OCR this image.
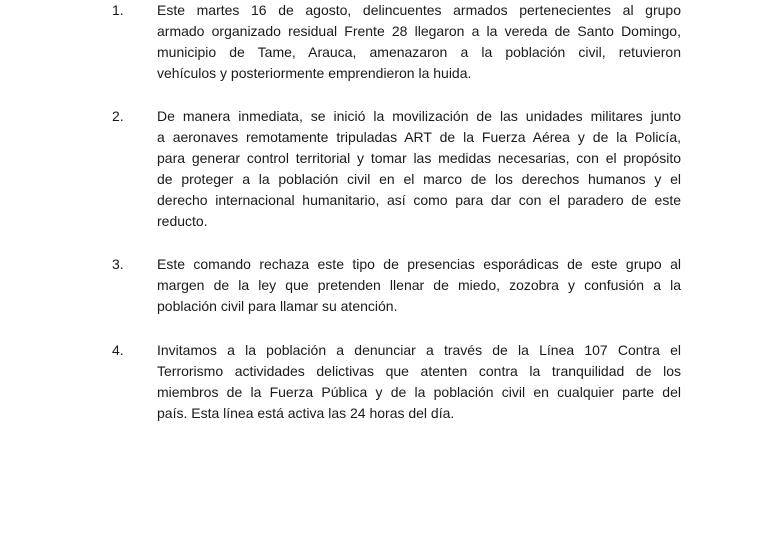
1. Este martes 16 de agosto, delincuentes armados pertenecientes al grupo
armado organizado residual Frente 28 llegaron a la vereda de Santo Domingo,
municipio de Tame, Arauca, amenazaron a la población civil, retuvieron
vehículos y posteriormente emprendieron la huida.
2. De manera inmediata, se inició la movilización de las unidades militares junto
a aeronaves remotamente tripuladas ART de la Fuerza Aérea y de la Policía,
para generar control territorial y tomar las medidas necesarias, con el propósito
de proteger a la población civil en el marco de los derechos humanos y el
derecho internacional humanitario, así como para dar con el paradero de este
reducto.
3. Este comando rechaza este tipo de presencias esporádicas de este grupo al
margen de la ley que pretenden llenar de miedo, zozobra y confusión a la
población civil para llamar su atención.
4. Invitamos a la población a denunciar a través de la Línea 107 Contra el
Terrorismo actividades delictivas que atenten contra la tranquilidad de los
miembros de la Fuerza Pública y de la población civil en cualquier parte del
país. Esta línea está activa las 24 horas del día.
